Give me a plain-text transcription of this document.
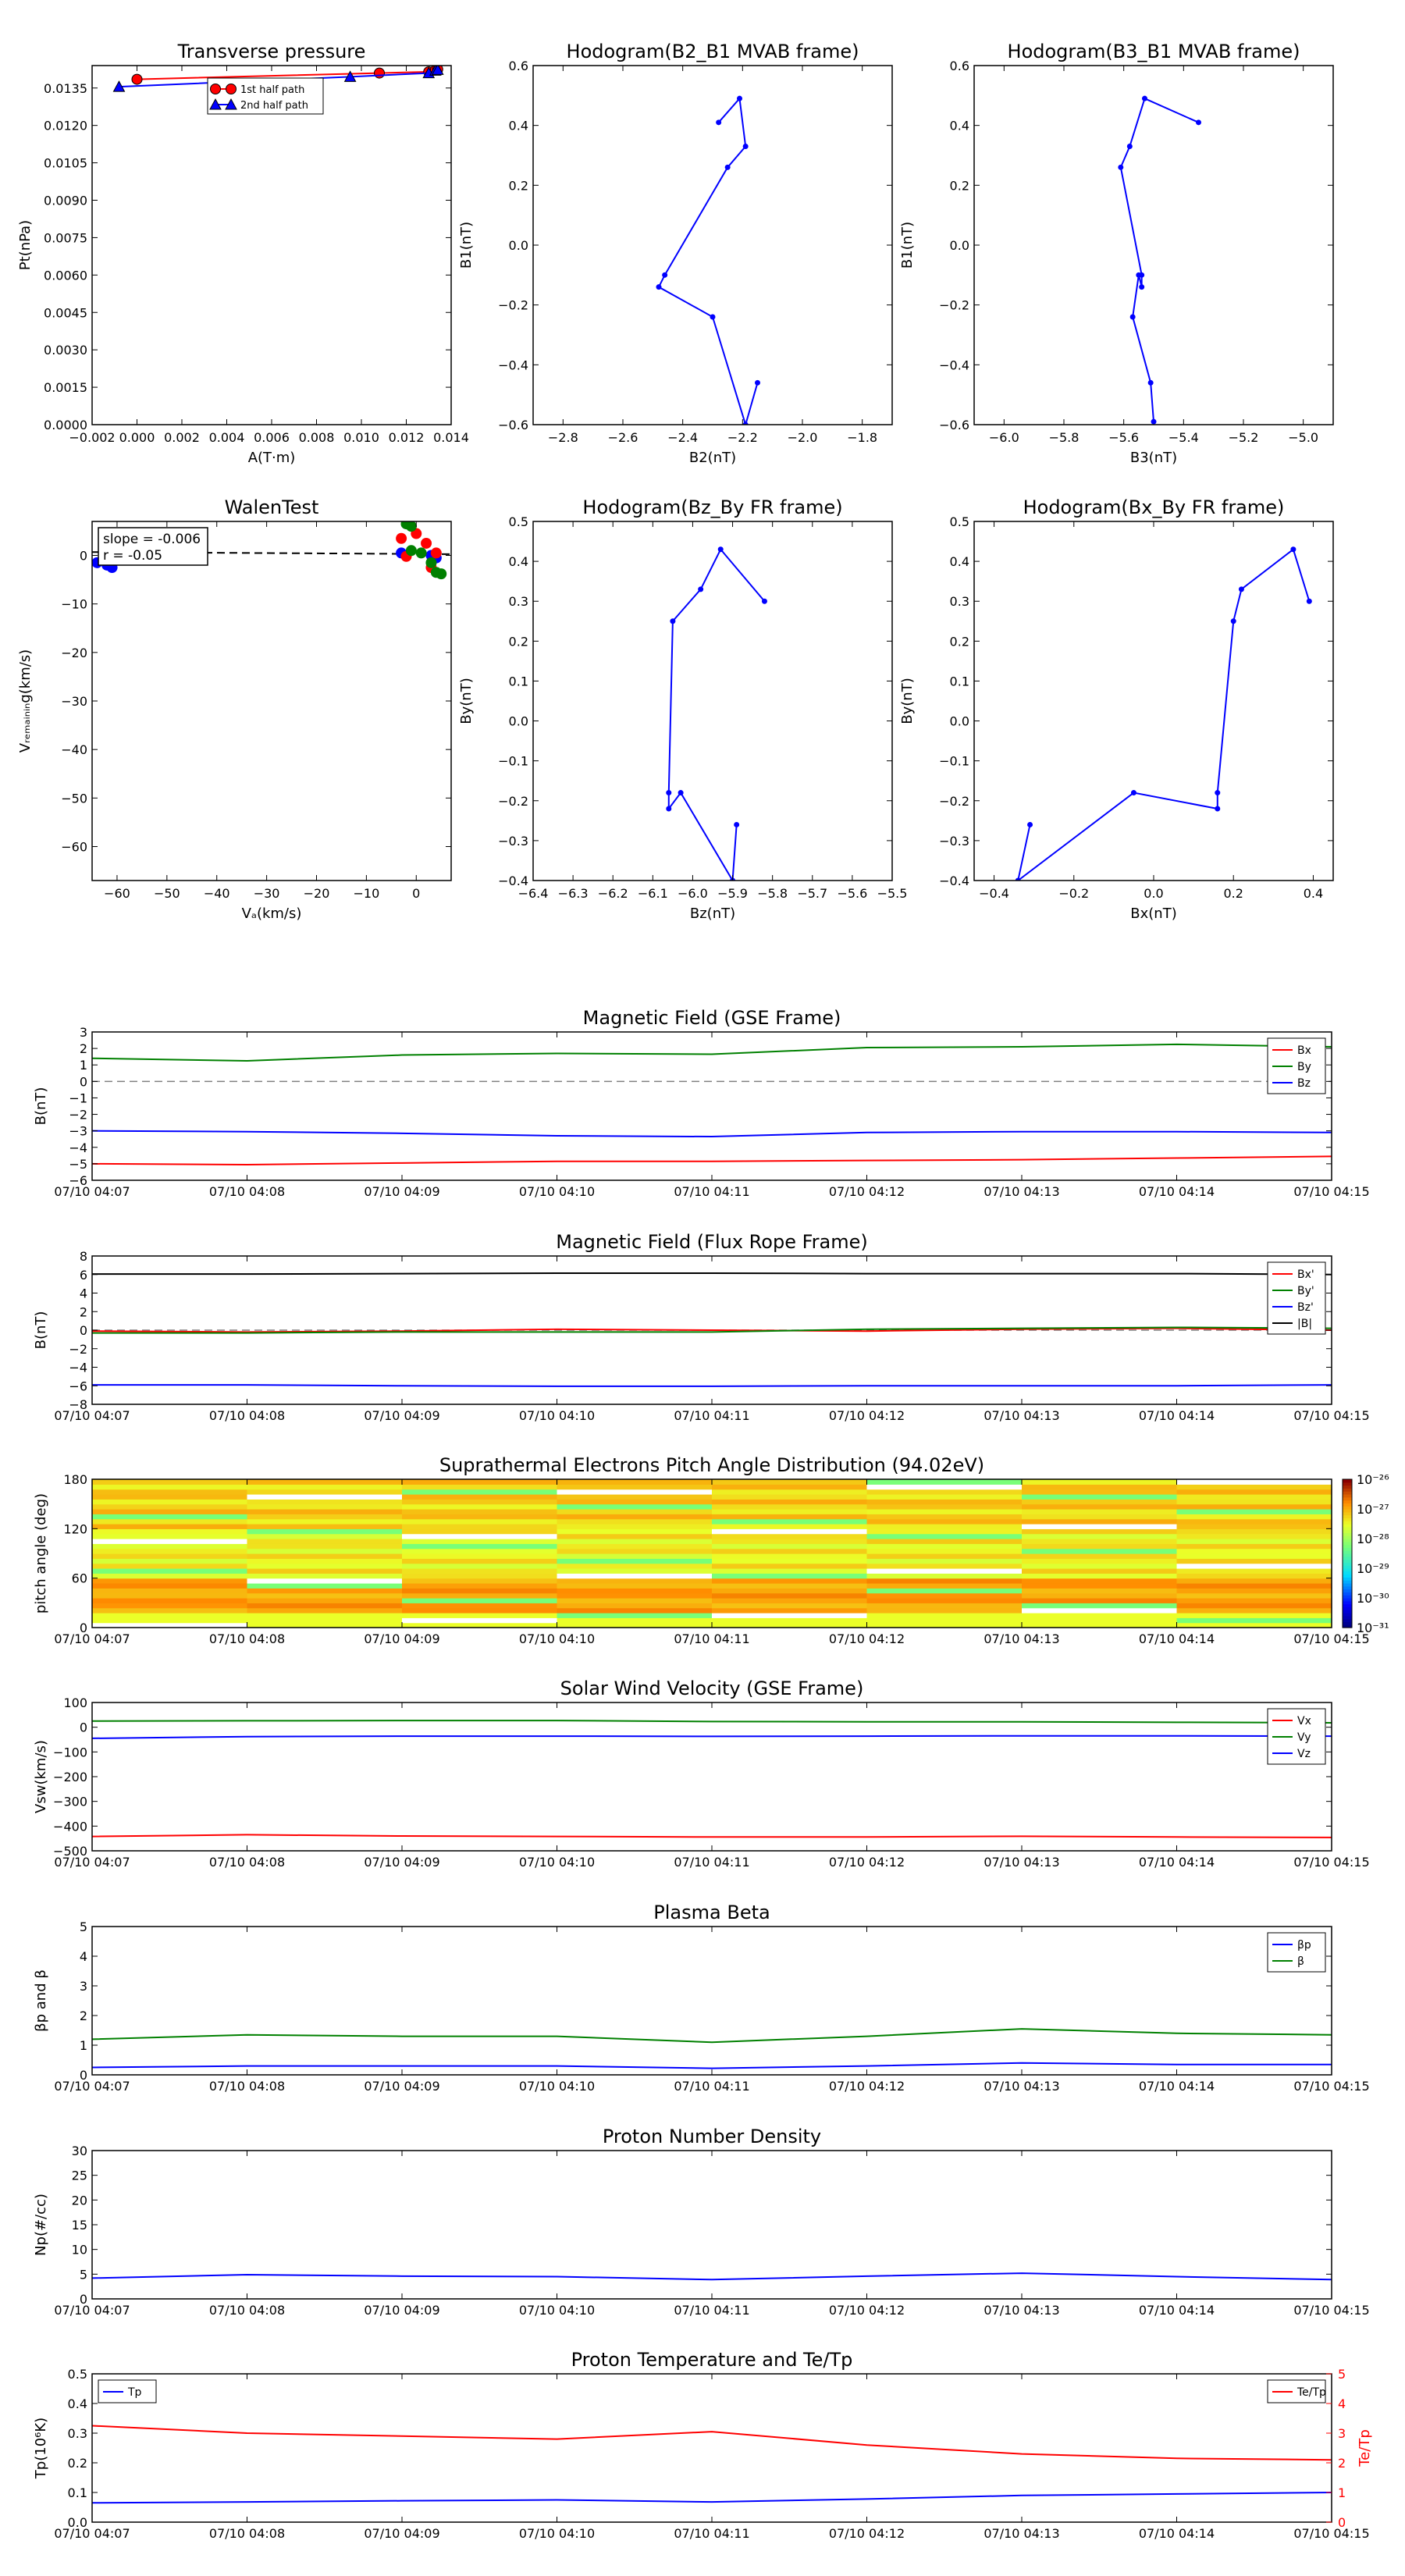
Transverse pressure
−0.002 0.000 0.002 0.004 0.006 0.008 0.010 0.012 0.014
0.0000
0.0015
0.0030
0.0045
0.0060
0.0075
0.0090
0.0105
0.0120
0.0135
A(T·m)
Pt(nPa)
1st half path
2nd half path
Hodogram(B2_B1 MVAB frame)
−2.8 −2.6 −2.4 −2.2 −2.0 −1.8
−0.6
−0.4
−0.2
0.0
0.2
0.4
0.6
B2(nT)
B1(nT)
Hodogram(B3_B1 MVAB frame)
−6.0 −5.8 −5.6 −5.4 −5.2 −5.0
−0.6
−0.4
−0.2
0.0
0.2
0.4
0.6
B3(nT)
B1(nT)
WalenTest
−60 −50 −40 −30 −20 −10	0
−60
−50
−40
−30
−20
−10
0
Vₐ(km/s)
Vᵣₑₘₐᵢₙᵢₙg(km/s)
slope = -0.006
r = -0.05
Hodogram(Bz_By FR frame)
−6.4 −6.3 −6.2 −6.1 −6.0 −5.9 −5.8 −5.7 −5.6 −5.5
−0.4
−0.3
−0.2
−0.1
0.0
0.1
0.2
0.3
0.4
0.5
Bz(nT)
By(nT)
Hodogram(Bx_By FR frame)
−0.4	−0.2	0.0	0.2	0.4
−0.4
−0.3
−0.2
−0.1
0.0
0.1
0.2
0.3
0.4
0.5
Bx(nT)
By(nT)
Magnetic Field (GSE Frame)
07/10 04:07	07/10 04:08	07/10 04:09	07/10 04:10	07/10 04:11	07/10 04:12	07/10 04:13	07/10 04:14	07/10 04:15
−6
−5
−4
−3
−2
−1
0
1
2
3
B(nT)
Bx
By
Bz
Magnetic Field (Flux Rope Frame)
07/10 04:07	07/10 04:08	07/10 04:09	07/10 04:10	07/10 04:11	07/10 04:12	07/10 04:13	07/10 04:14	07/10 04:15
−8
−6
−4
−2
0
2
4
6
8
B(nT)
Bx'
By'
Bz'
|B|
Suprathermal Electrons Pitch Angle Distribution (94.02eV)
07/10 04:07	07/10 04:08	07/10 04:09	07/10 04:10	07/10 04:11	07/10 04:12	07/10 04:13	07/10 04:14	07/10 04:15
0
60
120
180
pitch angle (deg)
10⁻³¹
10⁻³⁰
10⁻²⁹
10⁻²⁸
10⁻²⁷
10⁻²⁶
Solar Wind Velocity (GSE Frame)
07/10 04:07	07/10 04:08	07/10 04:09	07/10 04:10	07/10 04:11	07/10 04:12	07/10 04:13	07/10 04:14	07/10 04:15
−500
−400
−300
−200
−100
0
100
Vsw(km/s)
Vx
Vy
Vz
Plasma Beta
07/10 04:07	07/10 04:08	07/10 04:09	07/10 04:10	07/10 04:11	07/10 04:12	07/10 04:13	07/10 04:14	07/10 04:15
0
1
2
3
4
5
βp and β
βp
β
Proton Number Density
07/10 04:07	07/10 04:08	07/10 04:09	07/10 04:10	07/10 04:11	07/10 04:12	07/10 04:13	07/10 04:14	07/10 04:15
0
5
10
15
20
25
30
Np(#/cc)
Proton Temperature and Te/Tp
07/10 04:07	07/10 04:08	07/10 04:09	07/10 04:10	07/10 04:11	07/10 04:12	07/10 04:13	07/10 04:14	07/10 04:15
0.0
0.1
0.2
0.3
0.4
0.5
Tp(10⁶K)
0
1
2
3
4
5
Te/Tp
Tp	Te/Tp
